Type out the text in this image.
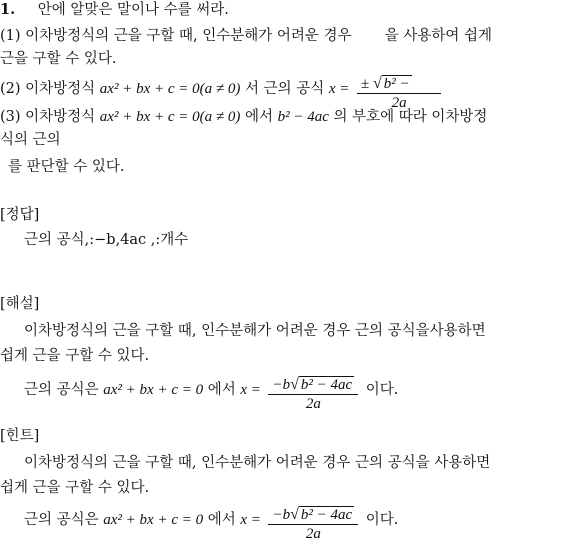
1. 안에 알맞은 말이나 수를 써라.
(1) 이차방정식의 근을 구할 때, 인수분해가 어려운 경우 을 사용하여 쉽게
근을 구할 수 있다.
(2) 이차방정식 ax² + bx + c = 0(a ≠ 0) 서 근의 공식 $x = \frac{\text{± √ b² −}}{2a}$
(3) 이차방정식 ax² + bx + c = 0(a ≠ 0) 에서 b² − 4ac 의 부호에 따라 이차방정
식의 근의
를 판단할 수 있다.
[정답]
근의 공식,:−b,4ac ,:개수
[해설]
이차방정식의 근을 구할 때, 인수분해가 어려운 경우 근의 공식을사용하면
쉽게 근을 구할 수 있다.
근의 공식은 ax² + bx + c = 0 에서 $x = \frac{\text{−b√ b² − 4ac}}{2a}$ 이다.
[힌트]
이차방정식의 근을 구할 때, 인수분해가 어려운 경우 근의 공식을 사용하면
쉽게 근을 구할 수 있다.
근의 공식은 ax² + bx + c = 0 에서 $x = \frac{\text{−b√ b² − 4ac}}{2a}$ 이다.
